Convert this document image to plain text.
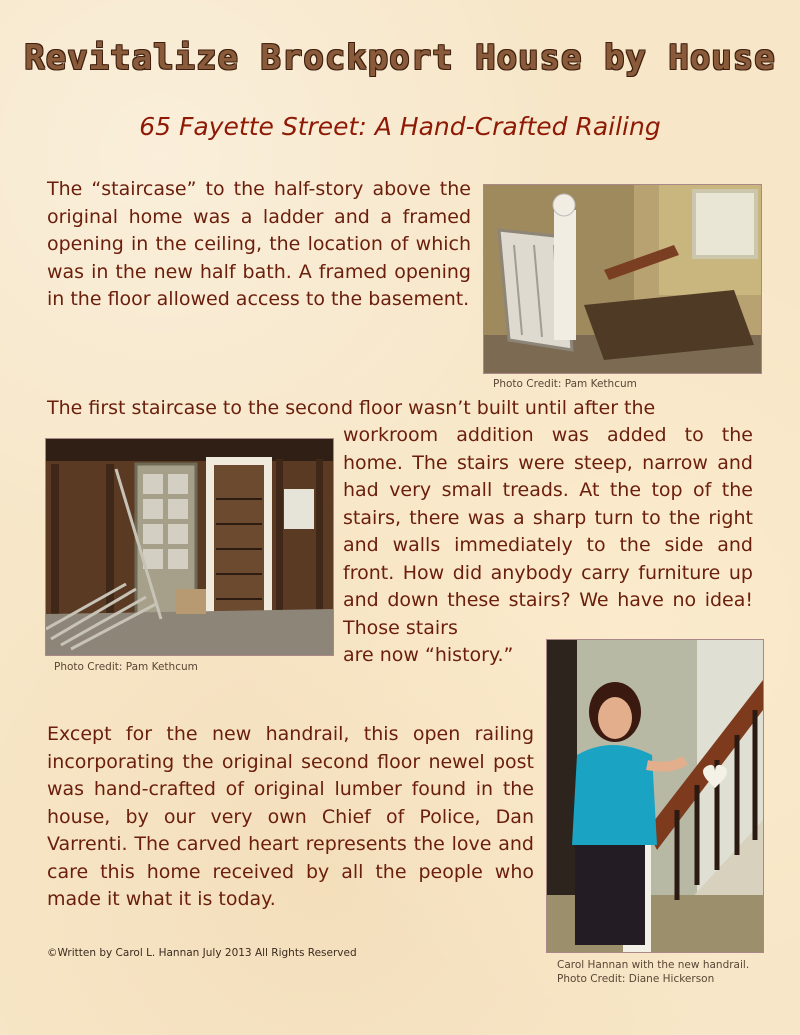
Revitalize Brockport House by House
65 Fayette Street: A Hand-Crafted Railing

The “staircase” to the half-story above the original home was a ladder and a framed opening in the ceiling, the location of which was in the new half bath. A framed opening in the floor allowed access to the basement.

Photo Credit: Pam Kethcum

The first staircase to the second floor wasn’t built until after the

workroom addition was added to the home. The stairs were steep, narrow and had very small treads. At the top of the stairs, there was a sharp turn to the right and walls immediately to the side and front. How did anybody carry furniture up and down these stairs? We have no idea! Those stairs

are now “history.”

Photo Credit: Pam Kethcum

Except for the new handrail, this open railing incorporating the original second floor newel post was hand-crafted of original lumber found in the house, by our very own Chief of Police, Dan Varrenti. The carved heart represents the love and care this home received by all the people who made it what it is today.

Carol Hannan with the new handrail.
Photo Credit: Diane Hickerson
©Written by Carol L. Hannan July 2013 All Rights Reserved
